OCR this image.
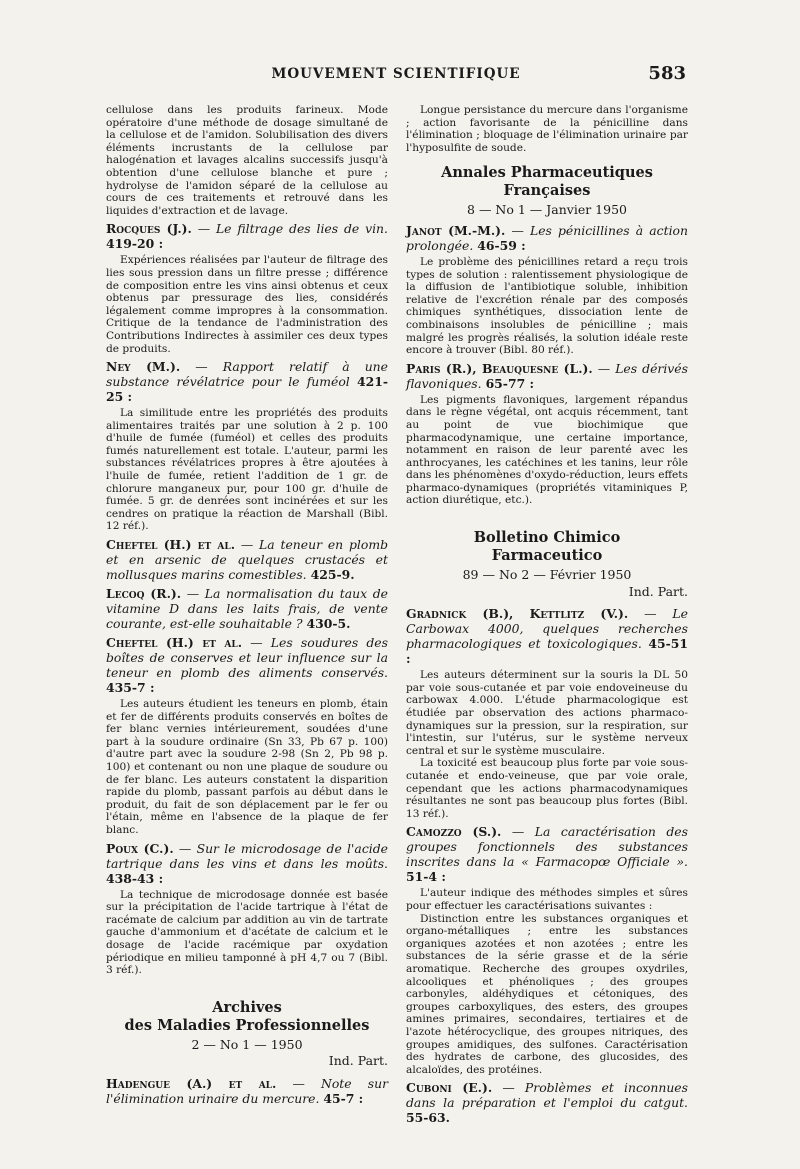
MOUVEMENT SCIENTIFIQUE	583

cellulose dans les produits farineux. Mode opératoire d'une méthode de dosage simultané de la cellulose et de l'amidon. Solubilisation des divers éléments incrustants de la cellulose par halogénation et lavages alcalins successifs jusqu'à obtention d'une cellulose blanche et pure ; hydrolyse de l'amidon séparé de la cellulose au cours de ces traitements et retrouvé dans les liquides d'extraction et de lavage.

Rocques (J.). — Le filtrage des lies de vin. 419-20 :

Expériences réalisées par l'auteur de filtrage des lies sous pression dans un filtre presse ; différence de composition entre les vins ainsi obtenus et ceux obtenus par pressurage des lies, considérés légalement comme impropres à la consommation. Critique de la tendance de l'administration des Contributions Indirectes à assimiler ces deux types de produits.

Ney (M.). — Rapport relatif à une substance révélatrice pour le fuméol 421-25 :

La similitude entre les propriétés des produits alimentaires traités par une solution à 2 p. 100 d'huile de fumée (fuméol) et celles des produits fumés naturellement est totale. L'auteur, parmi les substances révélatrices propres à être ajoutées à l'huile de fumée, retient l'addition de 1 gr. de chlorure manganeux pur, pour 100 gr. d'huile de fumée. 5 gr. de denrées sont incinérées et sur les cendres on pratique la réaction de Marshall (Bibl. 12 réf.).

Cheftel (H.) et al. — La teneur en plomb et en arsenic de quelques crustacés et mollusques marins comestibles. 425-9.

Lecoq (R.). — La normalisation du taux de vitamine D dans les laits frais, de vente courante, est-elle souhaitable ? 430-5.

Cheftel (H.) et al. — Les soudures des boîtes de conserves et leur influence sur la teneur en plomb des aliments conservés. 435-7 :

Les auteurs étudient les teneurs en plomb, étain et fer de différents produits conservés en boîtes de fer blanc vernies intérieurement, soudées d'une part à la soudure ordinaire (Sn 33, Pb 67 p. 100) d'autre part avec la soudure 2-98 (Sn 2, Pb 98 p. 100) et contenant ou non une plaque de soudure ou de fer blanc. Les auteurs constatent la disparition rapide du plomb, passant parfois au début dans le produit, du fait de son déplacement par le fer ou l'étain, même en l'absence de la plaque de fer blanc.

Poux (C.). — Sur le microdosage de l'acide tartrique dans les vins et dans les moûts. 438-43 :

La technique de microdosage donnée est basée sur la précipitation de l'acide tartrique à l'état de racémate de calcium par addition au vin de tartrate gauche d'ammonium et d'acétate de calcium et le dosage de l'acide racémique par oxydation périodique en milieu tamponné à pH 4,7 ou 7 (Bibl. 3 réf.).

Archives
des Maladies Professionnelles
2 — No 1 — 1950
Ind. Part.

Hadengue (A.) et al. — Note sur l'élimination urinaire du mercure. 45-7 :

Longue persistance du mercure dans l'organisme ; action favorisante de la pénicilline dans l'élimination ; bloquage de l'élimination urinaire par l'hyposulfite de soude.

Annales Pharmaceutiques Françaises
8 — No 1 — Janvier 1950

Janot (M.-M.). — Les pénicillines à action prolongée. 46-59 :

Le problème des pénicillines retard a reçu trois types de solution : ralentissement physiologique de la diffusion de l'antibiotique soluble, inhibition relative de l'excrétion rénale par des composés chimiques synthétiques, dissociation lente de combinaisons insolubles de pénicilline ; mais malgré les progrès réalisés, la solution idéale reste encore à trouver (Bibl. 80 réf.).

Paris (R.), Beauquesne (L.). — Les dérivés flavoniques. 65-77 :

Les pigments flavoniques, largement répandus dans le règne végétal, ont acquis récemment, tant au point de vue biochimique que pharmacodynamique, une certaine importance, notamment en raison de leur parenté avec les anthrocyanes, les catéchines et les tanins, leur rôle dans les phénomènes d'oxydo-réduction, leurs effets pharmaco-dynamiques (propriétés vitaminiques P, action diurétique, etc.).

Bolletino Chimico
Farmaceutico
89 — No 2 — Février 1950
Ind. Part.

Gradnick (B.), Kettlitz (V.). — Le Carbowax 4000, quelques recherches pharmacologiques et toxicologiques. 45-51 :

Les auteurs déterminent sur la souris la DL 50 par voie sous-cutanée et par voie endoveineuse du carbowax 4.000. L'étude pharmacologique est étudiée par observation des actions pharmaco-dynamiques sur la pression, sur la respiration, sur l'intestin, sur l'utérus, sur le système nerveux central et sur le système musculaire.

La toxicité est beaucoup plus forte par voie sous-cutanée et endo-veineuse, que par voie orale, cependant que les actions pharmacodynamiques résultantes ne sont pas beaucoup plus fortes (Bibl. 13 réf.).

Camozzo (S.). — La caractérisation des groupes fonctionnels des substances inscrites dans la « Farmacopœ Officiale ». 51-4 :

L'auteur indique des méthodes simples et sûres pour effectuer les caractérisations suivantes :

Distinction entre les substances organiques et organo-métalliques ; entre les substances organiques azotées et non azotées ; entre les substances de la série grasse et de la série aromatique. Recherche des groupes oxydriles, alcooliques et phénoliques ; des groupes carbonyles, aldéhydiques et cétoniques, des groupes carboxyliques, des esters, des groupes amines primaires, secondaires, tertiaires et de l'azote hétérocyclique, des groupes nitriques, des groupes amidiques, des sulfones. Caractérisation des hydrates de carbone, des glucosides, des alcaloïdes, des protéines.

Cuboni (E.). — Problèmes et inconnues dans la préparation et l'emploi du catgut. 55-63.
